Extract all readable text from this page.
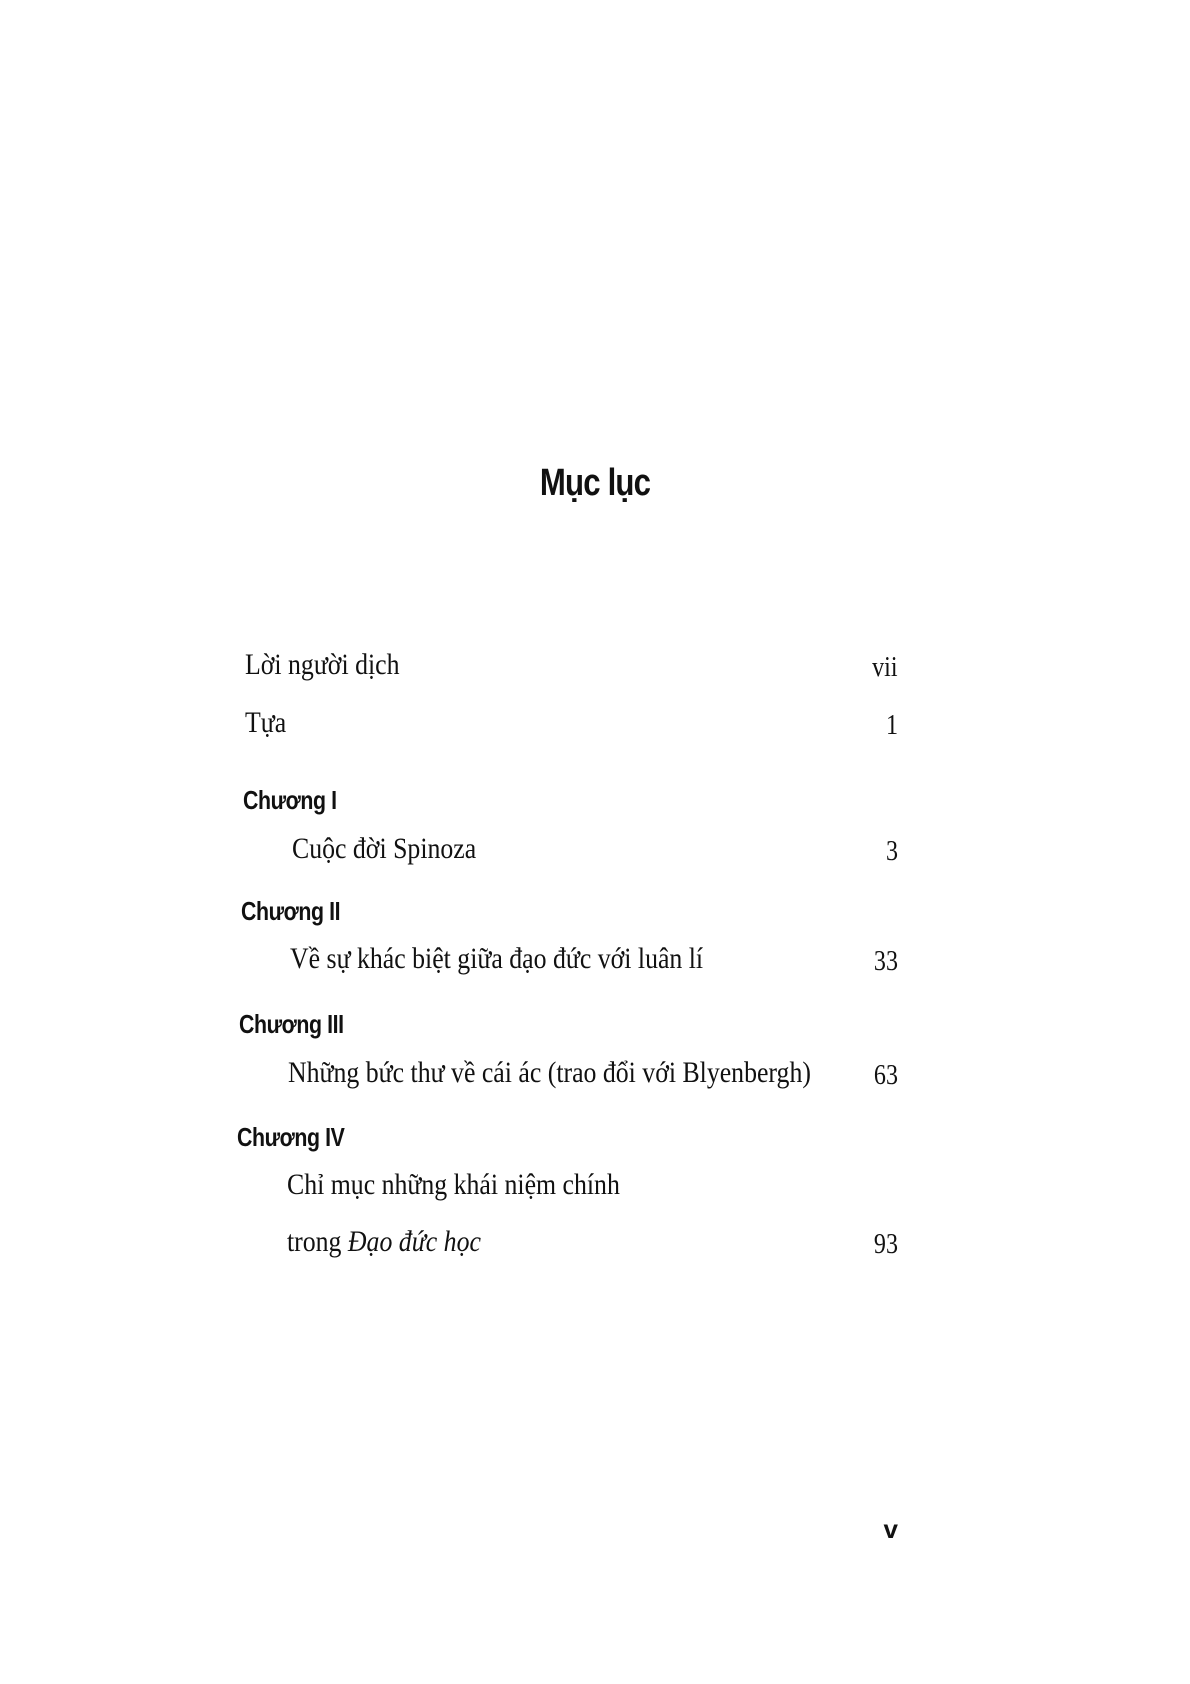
Mục lục
Lời người dịch	vii
Tựa	1
Chương I
Cuộc đời Spinoza	3
Chương II
Về sự khác biệt giữa đạo đức với luân lí	33
Chương III
Những bức thư về cái ác (trao đổi với Blyenbergh)	63
Chương IV
Chỉ mục những khái niệm chính
trong Đạo đức học	93
v
